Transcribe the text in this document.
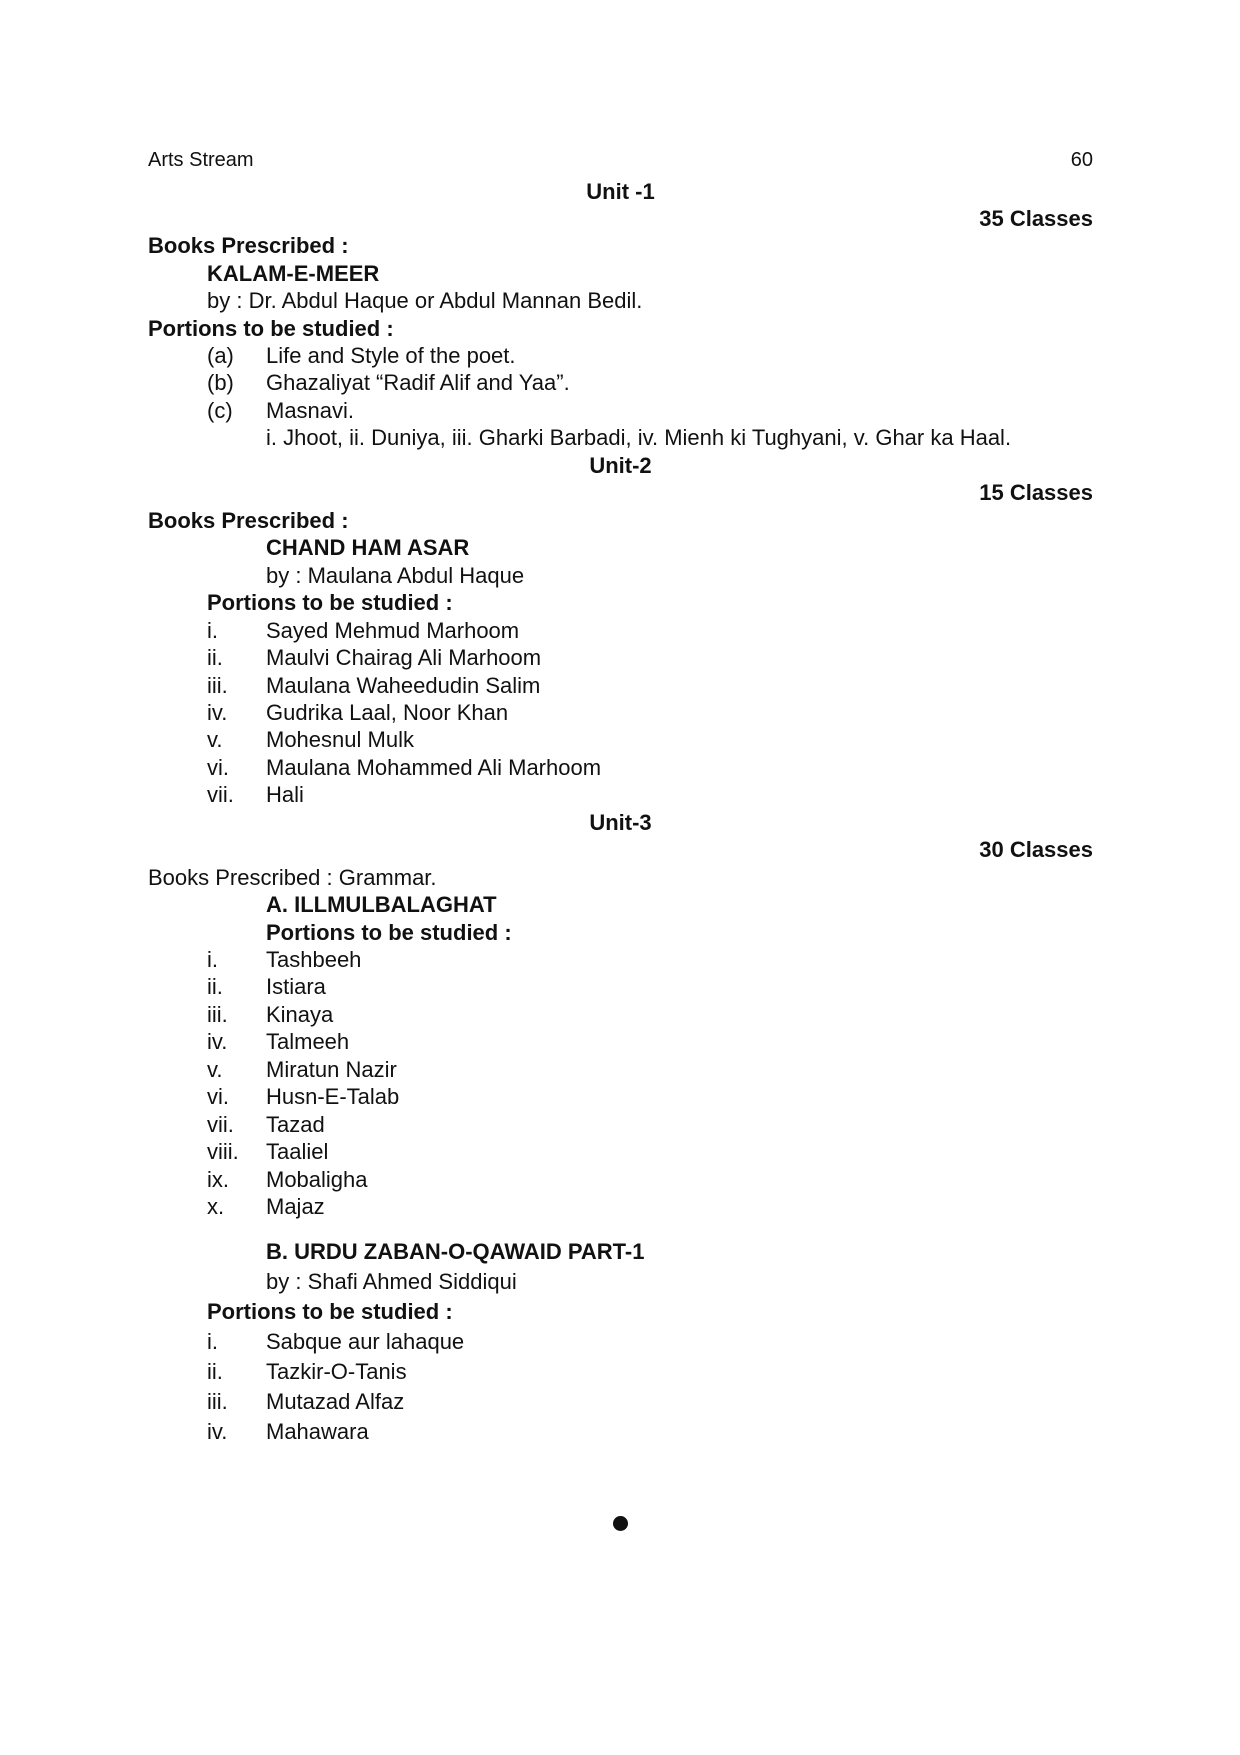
Arts Stream	60
Unit -1
35 Classes
Books Prescribed :
KALAM-E-MEER
by : Dr. Abdul Haque or Abdul Mannan Bedil.
Portions to be studied :
(a) Life and Style of the poet.
(b) Ghazaliyat “Radif Alif and Yaa”.
(c) Masnavi.
i. Jhoot, ii. Duniya, iii. Gharki Barbadi, iv. Mienh ki Tughyani, v. Ghar ka Haal.
Unit-2
15 Classes
Books Prescribed :
CHAND HAM ASAR
by : Maulana Abdul Haque
Portions to be studied :
i. Sayed Mehmud Marhoom
ii. Maulvi Chairag Ali Marhoom
iii. Maulana Waheedudin Salim
iv. Gudrika Laal, Noor Khan
v. Mohesnul Mulk
vi. Maulana Mohammed Ali Marhoom
vii. Hali
Unit-3
30 Classes
Books Prescribed : Grammar.
A. ILLMULBALAGHAT
Portions to be studied :
i. Tashbeeh
ii. Istiara
iii. Kinaya
iv. Talmeeh
v. Miratun Nazir
vi. Husn-E-Talab
vii. Tazad
viii. Taaliel
ix. Mobaligha
x. Majaz
B. URDU ZABAN-O-QAWAID PART-1
by : Shafi Ahmed Siddiqui
Portions to be studied :
i. Sabque aur lahaque
ii. Tazkir-O-Tanis
iii. Mutazad Alfaz
iv. Mahawara
